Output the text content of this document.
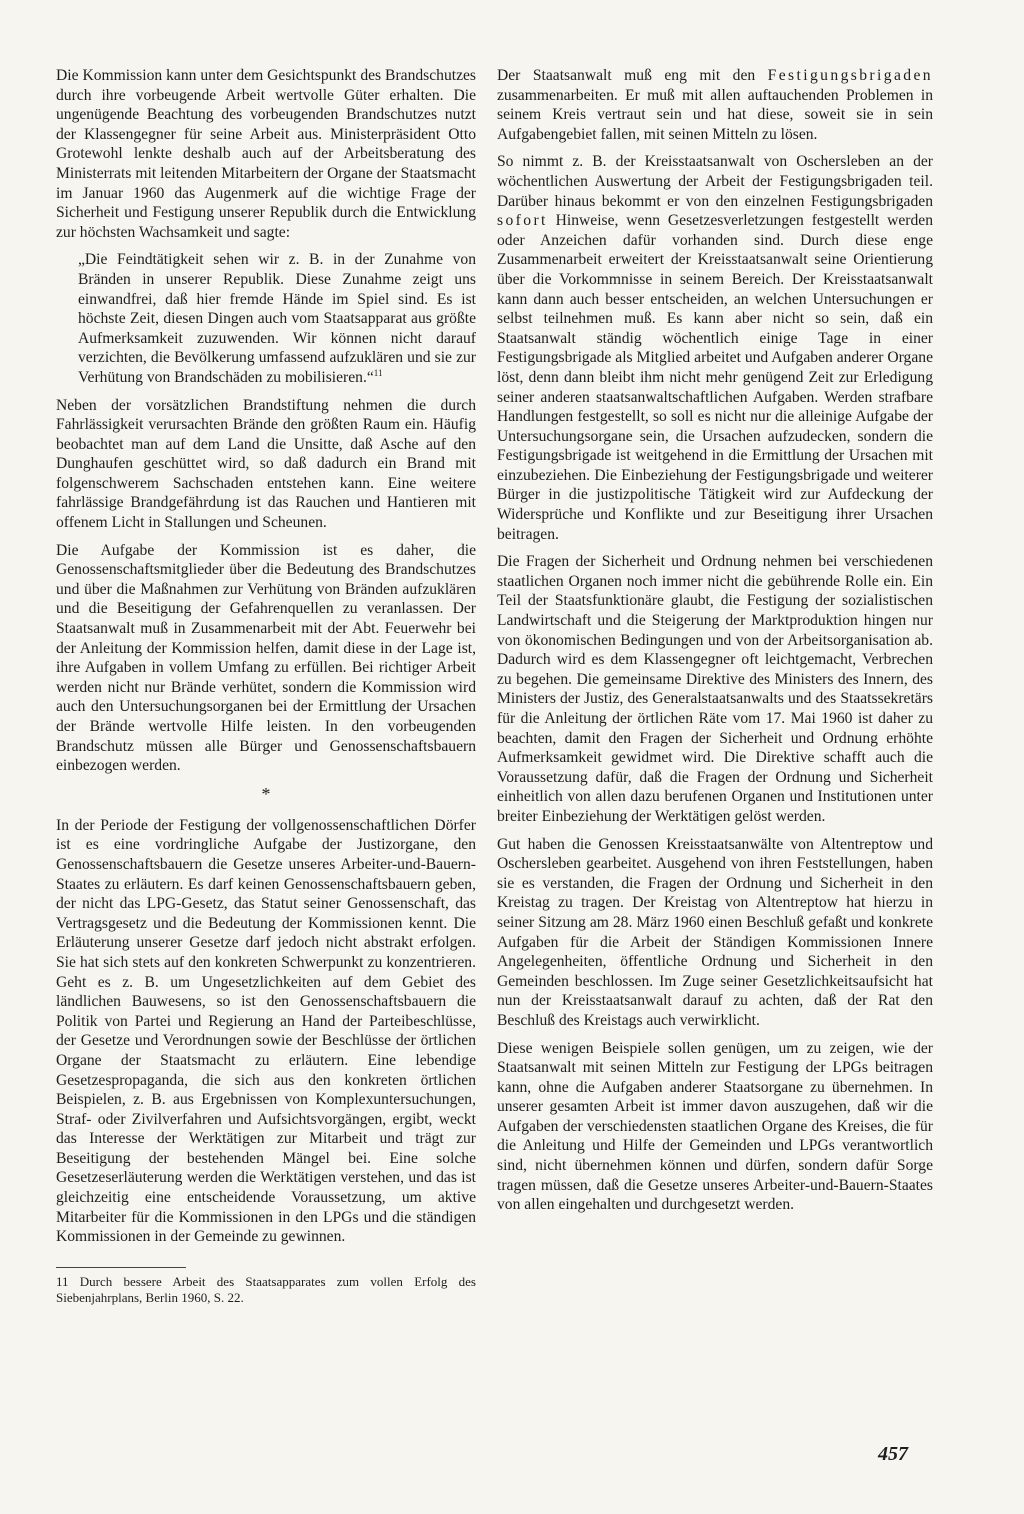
Die Kommission kann unter dem Gesichtspunkt des Brandschutzes durch ihre vorbeugende Arbeit wertvolle Güter erhalten. Die ungenügende Beachtung des vorbeugenden Brandschutzes nutzt der Klassengegner für seine Arbeit aus. Ministerpräsident Otto Grotewohl lenkte deshalb auch auf der Arbeitsberatung des Ministerrats mit leitenden Mitarbeitern der Organe der Staatsmacht im Januar 1960 das Augenmerk auf die wichtige Frage der Sicherheit und Festigung unserer Republik durch die Entwicklung zur höchsten Wachsamkeit und sagte:

„Die Feindtätigkeit sehen wir z. B. in der Zunahme von Bränden in unserer Republik. Diese Zunahme zeigt uns einwandfrei, daß hier fremde Hände im Spiel sind. Es ist höchste Zeit, diesen Dingen auch vom Staatsapparat aus größte Aufmerksamkeit zuzuwenden. Wir können nicht darauf verzichten, die Bevölkerung umfassend aufzuklären und sie zur Verhütung von Brandschäden zu mobilisieren.“$^{11}$

Neben der vorsätzlichen Brandstiftung nehmen die durch Fahrlässigkeit verursachten Brände den größten Raum ein. Häufig beobachtet man auf dem Land die Unsitte, daß Asche auf den Dunghaufen geschüttet wird, so daß dadurch ein Brand mit folgenschwerem Sachschaden entstehen kann. Eine weitere fahrlässige Brandgefährdung ist das Rauchen und Hantieren mit offenem Licht in Stallungen und Scheunen.

Die Aufgabe der Kommission ist es daher, die Genossenschaftsmitglieder über die Bedeutung des Brandschutzes und über die Maßnahmen zur Verhütung von Bränden aufzuklären und die Beseitigung der Gefahrenquellen zu veranlassen. Der Staatsanwalt muß in Zusammenarbeit mit der Abt. Feuerwehr bei der Anleitung der Kommission helfen, damit diese in der Lage ist, ihre Aufgaben in vollem Umfang zu erfüllen. Bei richtiger Arbeit werden nicht nur Brände verhütet, sondern die Kommission wird auch den Untersuchungsorganen bei der Ermittlung der Ursachen der Brände wertvolle Hilfe leisten. In den vorbeugenden Brandschutz müssen alle Bürger und Genossenschaftsbauern einbezogen werden.

*

In der Periode der Festigung der vollgenossenschaftlichen Dörfer ist es eine vordringliche Aufgabe der Justizorgane, den Genossenschaftsbauern die Gesetze unseres Arbeiter-und-Bauern-Staates zu erläutern. Es darf keinen Genossenschaftsbauern geben, der nicht das LPG-Gesetz, das Statut seiner Genossenschaft, das Vertragsgesetz und die Bedeutung der Kommissionen kennt. Die Erläuterung unserer Gesetze darf jedoch nicht abstrakt erfolgen. Sie hat sich stets auf den konkreten Schwerpunkt zu konzentrieren. Geht es z. B. um Ungesetzlichkeiten auf dem Gebiet des ländlichen Bauwesens, so ist den Genossenschaftsbauern die Politik von Partei und Regierung an Hand der Parteibeschlüsse, der Gesetze und Verordnungen sowie der Beschlüsse der örtlichen Organe der Staatsmacht zu erläutern. Eine lebendige Gesetzespropaganda, die sich aus den konkreten örtlichen Beispielen, z. B. aus Ergebnissen von Komplexuntersuchungen, Straf- oder Zivilverfahren und Aufsichtsvorgängen, ergibt, weckt das Interesse der Werktätigen zur Mitarbeit und trägt zur Beseitigung der bestehenden Mängel bei. Eine solche Gesetzeserläuterung werden die Werktätigen verstehen, und das ist gleichzeitig eine entscheidende Voraussetzung, um aktive Mitarbeiter für die Kommissionen in den LPGs und die ständigen Kommissionen in der Gemeinde zu gewinnen.

11 Durch bessere Arbeit des Staatsapparates zum vollen Erfolg des Siebenjahrplans, Berlin 1960, S. 22.

Der Staatsanwalt muß eng mit den Festigungsbrigaden zusammenarbeiten. Er muß mit allen auftauchenden Problemen in seinem Kreis vertraut sein und hat diese, soweit sie in sein Aufgabengebiet fallen, mit seinen Mitteln zu lösen.

So nimmt z. B. der Kreisstaatsanwalt von Oschersleben an der wöchentlichen Auswertung der Arbeit der Festigungsbrigaden teil. Darüber hinaus bekommt er von den einzelnen Festigungsbrigaden sofort Hinweise, wenn Gesetzesverletzungen festgestellt werden oder Anzeichen dafür vorhanden sind. Durch diese enge Zusammenarbeit erweitert der Kreisstaatsanwalt seine Orientierung über die Vorkommnisse in seinem Bereich. Der Kreisstaatsanwalt kann dann auch besser entscheiden, an welchen Untersuchungen er selbst teilnehmen muß. Es kann aber nicht so sein, daß ein Staatsanwalt ständig wöchentlich einige Tage in einer Festigungsbrigade als Mitglied arbeitet und Aufgaben anderer Organe löst, denn dann bleibt ihm nicht mehr genügend Zeit zur Erledigung seiner anderen staatsanwaltschaftlichen Aufgaben. Werden strafbare Handlungen festgestellt, so soll es nicht nur die alleinige Aufgabe der Untersuchungsorgane sein, die Ursachen aufzudecken, sondern die Festigungsbrigade ist weitgehend in die Ermittlung der Ursachen mit einzubeziehen. Die Einbeziehung der Festigungsbrigade und weiterer Bürger in die justizpolitische Tätigkeit wird zur Aufdeckung der Widersprüche und Konflikte und zur Beseitigung ihrer Ursachen beitragen.

Die Fragen der Sicherheit und Ordnung nehmen bei verschiedenen staatlichen Organen noch immer nicht die gebührende Rolle ein. Ein Teil der Staatsfunktionäre glaubt, die Festigung der sozialistischen Landwirtschaft und die Steigerung der Marktproduktion hingen nur von ökonomischen Bedingungen und von der Arbeitsorganisation ab. Dadurch wird es dem Klassengegner oft leichtgemacht, Verbrechen zu begehen. Die gemeinsame Direktive des Ministers des Innern, des Ministers der Justiz, des Generalstaatsanwalts und des Staatssekretärs für die Anleitung der örtlichen Räte vom 17. Mai 1960 ist daher zu beachten, damit den Fragen der Sicherheit und Ordnung erhöhte Aufmerksamkeit gewidmet wird. Die Direktive schafft auch die Voraussetzung dafür, daß die Fragen der Ordnung und Sicherheit einheitlich von allen dazu berufenen Organen und Institutionen unter breiter Einbeziehung der Werktätigen gelöst werden.

Gut haben die Genossen Kreisstaatsanwälte von Altentreptow und Oschersleben gearbeitet. Ausgehend von ihren Feststellungen, haben sie es verstanden, die Fragen der Ordnung und Sicherheit in den Kreistag zu tragen. Der Kreistag von Altentreptow hat hierzu in seiner Sitzung am 28. März 1960 einen Beschluß gefaßt und konkrete Aufgaben für die Arbeit der Ständigen Kommissionen Innere Angelegenheiten, öffentliche Ordnung und Sicherheit in den Gemeinden beschlossen. Im Zuge seiner Gesetzlichkeitsaufsicht hat nun der Kreisstaatsanwalt darauf zu achten, daß der Rat den Beschluß des Kreistags auch verwirklicht.

Diese wenigen Beispiele sollen genügen, um zu zeigen, wie der Staatsanwalt mit seinen Mitteln zur Festigung der LPGs beitragen kann, ohne die Aufgaben anderer Staatsorgane zu übernehmen. In unserer gesamten Arbeit ist immer davon auszugehen, daß wir die Aufgaben der verschiedensten staatlichen Organe des Kreises, die für die Anleitung und Hilfe der Gemeinden und LPGs verantwortlich sind, nicht übernehmen können und dürfen, sondern dafür Sorge tragen müssen, daß die Gesetze unseres Arbeiter-und-Bauern-Staates von allen eingehalten und durchgesetzt werden.

457
